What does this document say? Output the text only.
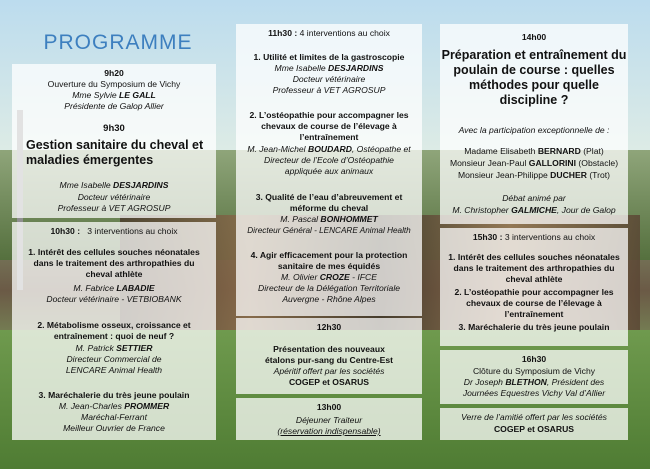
PROGRAMME
9h20
Ouverture du Symposium de Vichy
Mme Sylvie LE GALL
Présidente de Galop Allier
9h30
Gestion sanitaire du cheval et maladies émergentes
Mme Isabelle DESJARDINS
Docteur vétérinaire
Professeur à VET AGROSUP
10h30 : 3 interventions au choix
1. Intérêt des cellules souches néonatales
dans le traitement des arthropathies du
cheval athlète
M. Fabrice LABADIE
Docteur vétérinaire - VETBIOBANK
2. Métabolisme osseux, croissance et
entraînement : quoi de neuf ?
M. Patrick SETTIER
Directeur Commercial de
LENCARE Animal Health
3. Maréchalerie du très jeune poulain
M. Jean-Charles PROMMER
Maréchal-Ferrant
Meilleur Ouvrier de France
11h30 : 4 interventions au choix
1. Utilité et limites de la gastroscopie
Mme Isabelle DESJARDINS
Docteur vétérinaire
Professeur à VET AGROSUP
2. L’ostéopathie pour accompagner les
chevaux de course de l’élevage à
l’entraînement
M. Jean-Michel BOUDARD, Ostéopathe et
Directeur de l’Ecole d’Ostéopathie
appliquée aux animaux
3. Qualité de l’eau d’abreuvement et
méforme du cheval
M. Pascal BONHOMMET
Directeur Général - LENCARE Animal Health
4. Agir efficacement pour la protection
sanitaire de mes équidés
M. Olivier CROZE - IFCE
Directeur de la Délégation Territoriale
Auvergne - Rhône Alpes
12h30
Présentation des nouveaux
étalons pur-sang du Centre-Est
Apéritif offert par les sociétés
COGEP et OSARUS
13h00
Déjeuner Traiteur
(réservation indispensable)
14h00
Préparation et entraînement du poulain de course : quelles méthodes pour quelle discipline ?
Avec la participation exceptionnelle de :
Madame Elisabeth BERNARD (Plat)
Monsieur Jean-Paul GALLORINI (Obstacle)
Monsieur Jean-Philippe DUCHER (Trot)
Débat animé par
M. Christopher GALMICHE, Jour de Galop
15h30 : 3 interventions au choix
1. Intérêt des cellules souches néonatales
dans le traitement des arthropathies du
cheval athlète
2. L’ostéopathie pour accompagner les
chevaux de course de l’élevage à
l’entraînement
3. Maréchalerie du très jeune poulain
16h30
Clôture du Symposium de Vichy
Dr Joseph BLETHON, Président des
Journées Equestres Vichy Val d’Allier
Verre de l’amitié offert par les sociétés
COGEP et OSARUS
